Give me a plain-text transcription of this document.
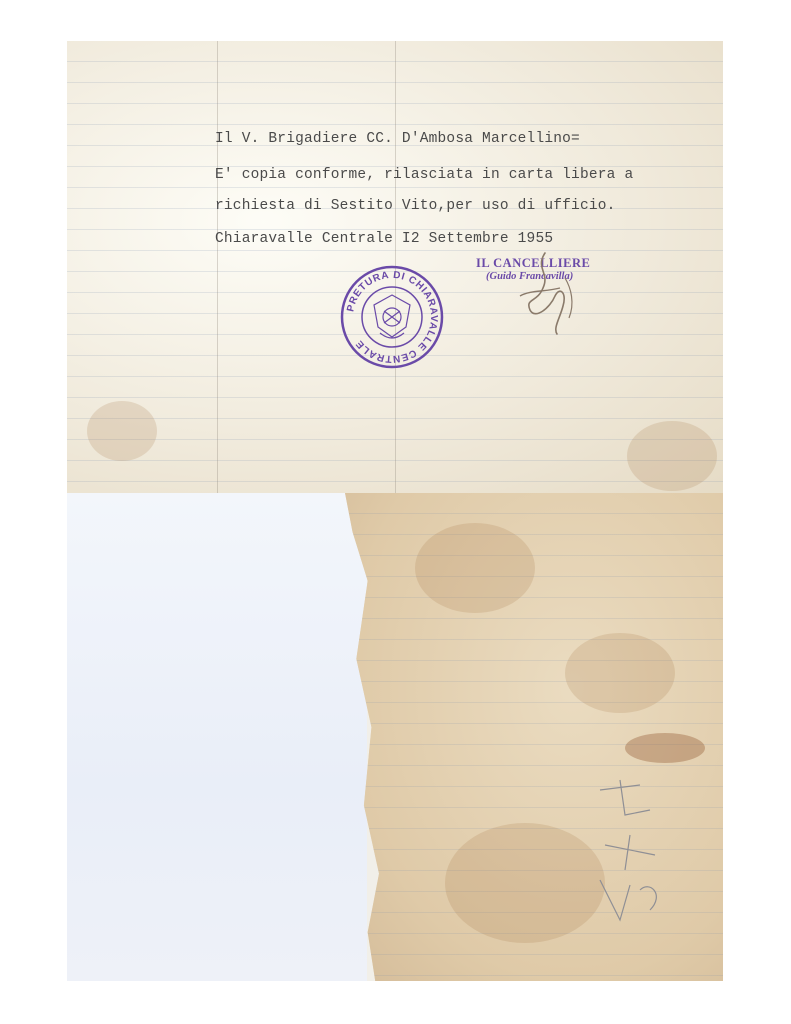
Il V. Brigadiere CC. D'Ambosa Marcellino=
E' copia conforme, rilasciata in carta libera a
richiesta di Sestito Vito,per uso di ufficio.
Chiaravalle Centrale I2 Settembre 1955
PRETURA DI CHIARAVALLE CENTRALE
IL CANCELLIERE
(Guido Francavilla)
